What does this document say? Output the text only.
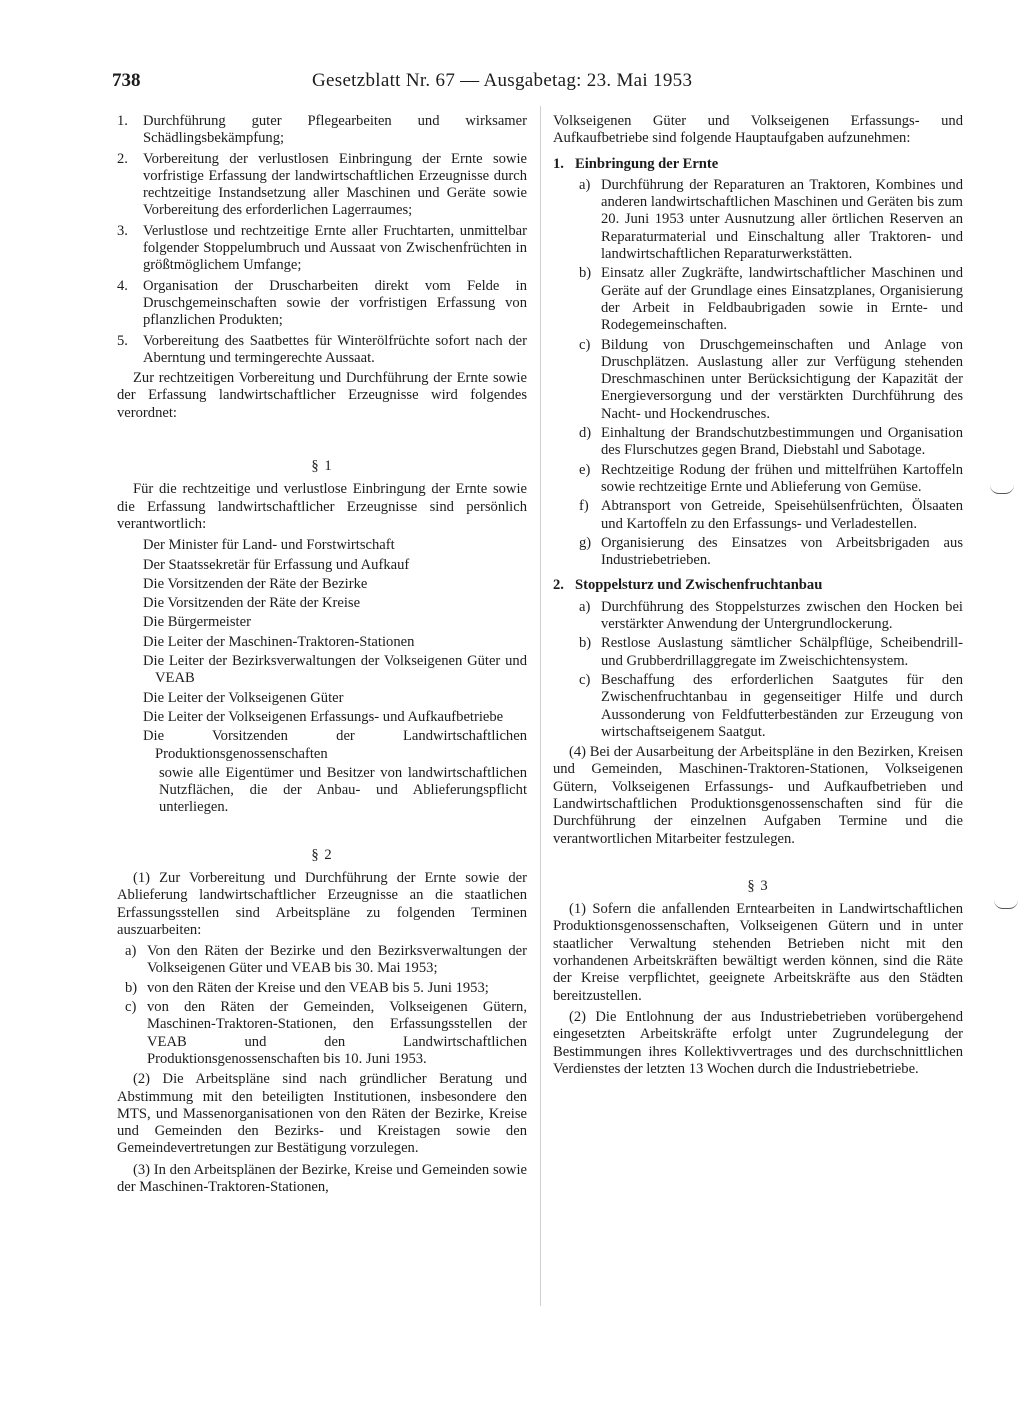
738	Gesetzblatt Nr. 67 — Ausgabetag: 23. Mai 1953
1.	Durchführung guter Pflegearbeiten und wirksamer Schädlingsbekämpfung;
2.	Vorbereitung der verlustlosen Einbringung der Ernte sowie vorfristige Erfassung der landwirtschaftlichen Erzeugnisse durch rechtzeitige Instandsetzung aller Maschinen und Geräte sowie Vorbereitung des erforderlichen Lagerraumes;
3.	Verlustlose und rechtzeitige Ernte aller Fruchtarten, unmittelbar folgender Stoppelumbruch und Aussaat von Zwischenfrüchten in größtmöglichem Umfange;
4.	Organisation der Druscharbeiten direkt vom Felde in Druschgemeinschaften sowie der vorfristigen Erfassung von pflanzlichen Produkten;
5.	Vorbereitung des Saatbettes für Winterölfrüchte sofort nach der Aberntung und termingerechte Aussaat.

Zur rechtzeitigen Vorbereitung und Durchführung der Ernte sowie der Erfassung landwirtschaftlicher Erzeugnisse wird folgendes verordnet:

§ 1

Für die rechtzeitige und verlustlose Einbringung der Ernte sowie die Erfassung landwirtschaftlicher Erzeugnisse sind persönlich verantwortlich:

Der Minister für Land- und Forstwirtschaft
Der Staatssekretär für Erfassung und Aufkauf
Die Vorsitzenden der Räte der Bezirke
Die Vorsitzenden der Räte der Kreise
Die Bürgermeister
Die Leiter der Maschinen-Traktoren-Stationen
Die Leiter der Bezirksverwaltungen der Volkseigenen Güter und VEAB
Die Leiter der Volkseigenen Güter
Die Leiter der Volkseigenen Erfassungs- und Aufkaufbetriebe
Die Vorsitzenden der Landwirtschaftlichen Produktionsgenossenschaften
sowie alle Eigentümer und Besitzer von landwirtschaftlichen Nutzflächen, die der Anbau- und Ablieferungspflicht unterliegen.
§ 2

(1) Zur Vorbereitung und Durchführung der Ernte sowie der Ablieferung landwirtschaftlicher Erzeugnisse an die staatlichen Erfassungsstellen sind Arbeitspläne zu folgenden Terminen auszuarbeiten:

a) Von den Räten der Bezirke und den Bezirksverwaltungen der Volkseigenen Güter und VEAB bis 30. Mai 1953;
b) von den Räten der Kreise und den VEAB bis 5. Juni 1953;
c) von den Räten der Gemeinden, Volkseigenen Gütern, Maschinen-Traktoren-Stationen, den Erfassungsstellen der VEAB und den Landwirtschaftlichen Produktionsgenossenschaften bis 10. Juni 1953.

(2) Die Arbeitspläne sind nach gründlicher Beratung und Abstimmung mit den beteiligten Institutionen, insbesondere den MTS, und Massenorganisationen von den Räten der Bezirke, Kreise und Gemeinden den Bezirks- und Kreistagen sowie den Gemeindevertretungen zur Bestätigung vorzulegen.

(3) In den Arbeitsplänen der Bezirke, Kreise und Gemeinden sowie der Maschinen-Traktoren-Stationen,

Volkseigenen Güter und Volkseigenen Erfassungs- und Aufkaufbetriebe sind folgende Hauptaufgaben aufzunehmen:

1. Einbringung der Ernte
a) Durchführung der Reparaturen an Traktoren, Kombines und anderen landwirtschaftlichen Maschinen und Geräten bis zum 20. Juni 1953 unter Ausnutzung aller örtlichen Reserven an Reparaturmaterial und Einschaltung aller Traktoren- und landwirtschaftlichen Reparaturwerkstätten.
b) Einsatz aller Zugkräfte, landwirtschaftlicher Maschinen und Geräte auf der Grundlage eines Einsatzplanes, Organisierung der Arbeit in Feldbaubrigaden sowie in Ernte- und Rodegemeinschaften.
c) Bildung von Druschgemeinschaften und Anlage von Druschplätzen. Auslastung aller zur Verfügung stehenden Dreschmaschinen unter Berücksichtigung der Kapazität der Energieversorgung und der verstärkten Durchführung des Nacht- und Hockendrusches.
d) Einhaltung der Brandschutzbestimmungen und Organisation des Flurschutzes gegen Brand, Diebstahl und Sabotage.
e) Rechtzeitige Rodung der frühen und mittelfrühen Kartoffeln sowie rechtzeitige Ernte und Ablieferung von Gemüse.
f) Abtransport von Getreide, Speisehülsenfrüchten, Ölsaaten und Kartoffeln zu den Erfassungs- und Verladestellen.
g) Organisierung des Einsatzes von Arbeitsbrigaden aus Industriebetrieben.
2. Stoppelsturz und Zwischenfruchtanbau
a) Durchführung des Stoppelsturzes zwischen den Hocken bei verstärkter Anwendung der Untergrundlockerung.
b) Restlose Auslastung sämtlicher Schälpflüge, Scheibendrill- und Grubberdrillaggregate im Zweischichtensystem.
c) Beschaffung des erforderlichen Saatgutes für den Zwischenfruchtanbau in gegenseitiger Hilfe und durch Aussonderung von Feldfutterbeständen zur Erzeugung von wirtschaftseigenem Saatgut.

(4) Bei der Ausarbeitung der Arbeitspläne in den Bezirken, Kreisen und Gemeinden, Maschinen-Traktoren-Stationen, Volkseigenen Gütern, Volkseigenen Erfassungs- und Aufkaufbetrieben und Landwirtschaftlichen Produktionsgenossenschaften sind für die Durchführung der einzelnen Aufgaben Termine und die verantwortlichen Mitarbeiter festzulegen.

§ 3

(1) Sofern die anfallenden Erntearbeiten in Landwirtschaftlichen Produktionsgenossenschaften, Volkseigenen Gütern und in unter staatlicher Verwaltung stehenden Betrieben nicht mit den vorhandenen Arbeitskräften bewältigt werden können, sind die Räte der Kreise verpflichtet, geeignete Arbeitskräfte aus den Städten bereitzustellen.

(2) Die Entlohnung der aus Industriebetrieben vorübergehend eingesetzten Arbeitskräfte erfolgt unter Zugrundelegung der Bestimmungen ihres Kollektivvertrages und des durchschnittlichen Verdienstes der letzten 13 Wochen durch die Industriebetriebe.
